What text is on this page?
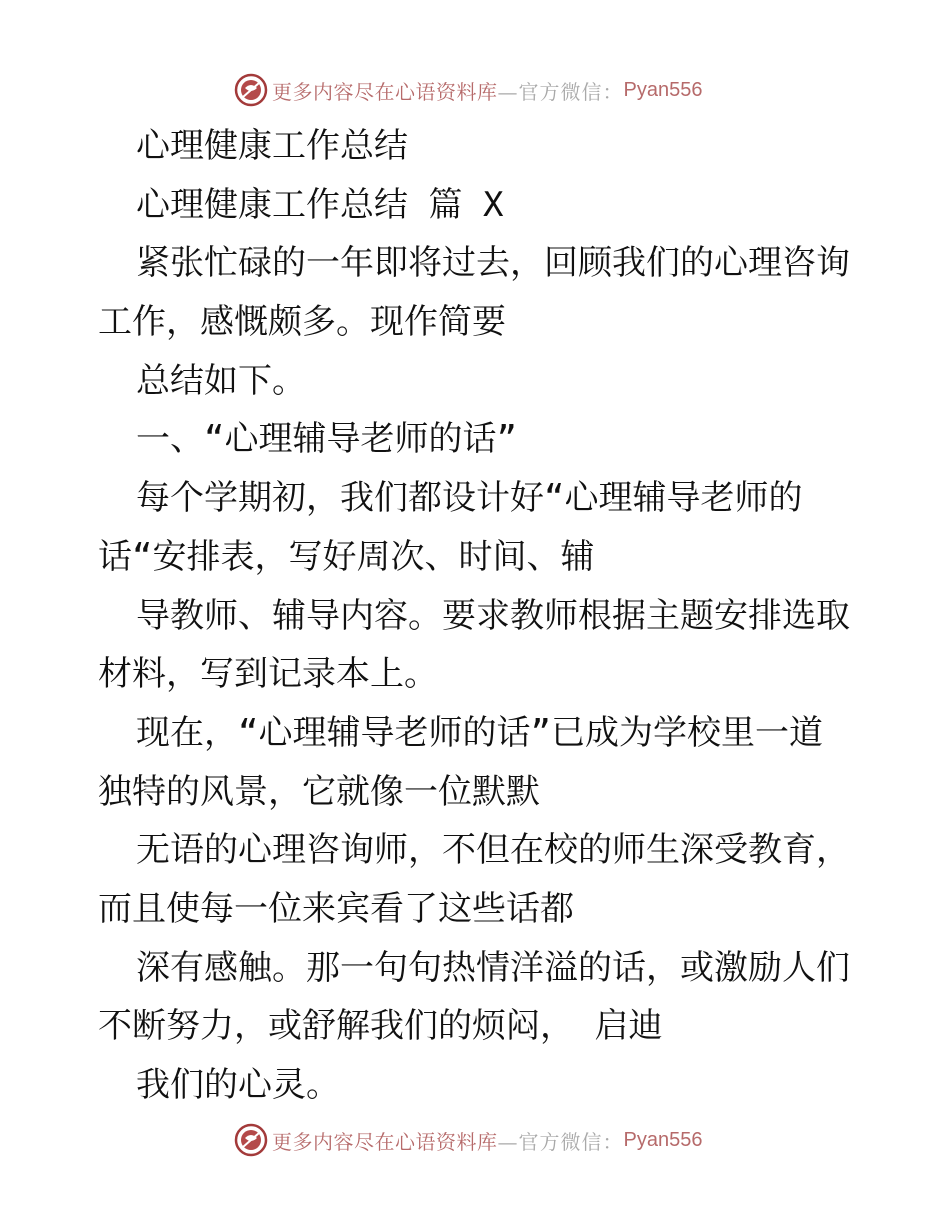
更多内容尽在心语资料库 —官方微信： Pyan556
心理健康工作总结
心理健康工作总结 篇 X
紧张忙碌的一年即将过去，回顾我们的心理咨询
工作，感慨颇多。现作简要
总结如下。
一、“心理辅导老师的话”
每个学期初，我们都设计好“心理辅导老师的
话“安排表，写好周次、时间、辅
导教师、辅导内容。要求教师根据主题安排选取
材料，写到记录本上。
现在，“心理辅导老师的话”已成为学校里一道
独特的风景，它就像一位默默
无语的心理咨询师，不但在校的师生深受教育，
而且使每一位来宾看了这些话都
深有感触。那一句句热情洋溢的话，或激励人们
不断努力，或舒解我们的烦闷， 启迪
我们的心灵。
更多内容尽在心语资料库 —官方微信： Pyan556
